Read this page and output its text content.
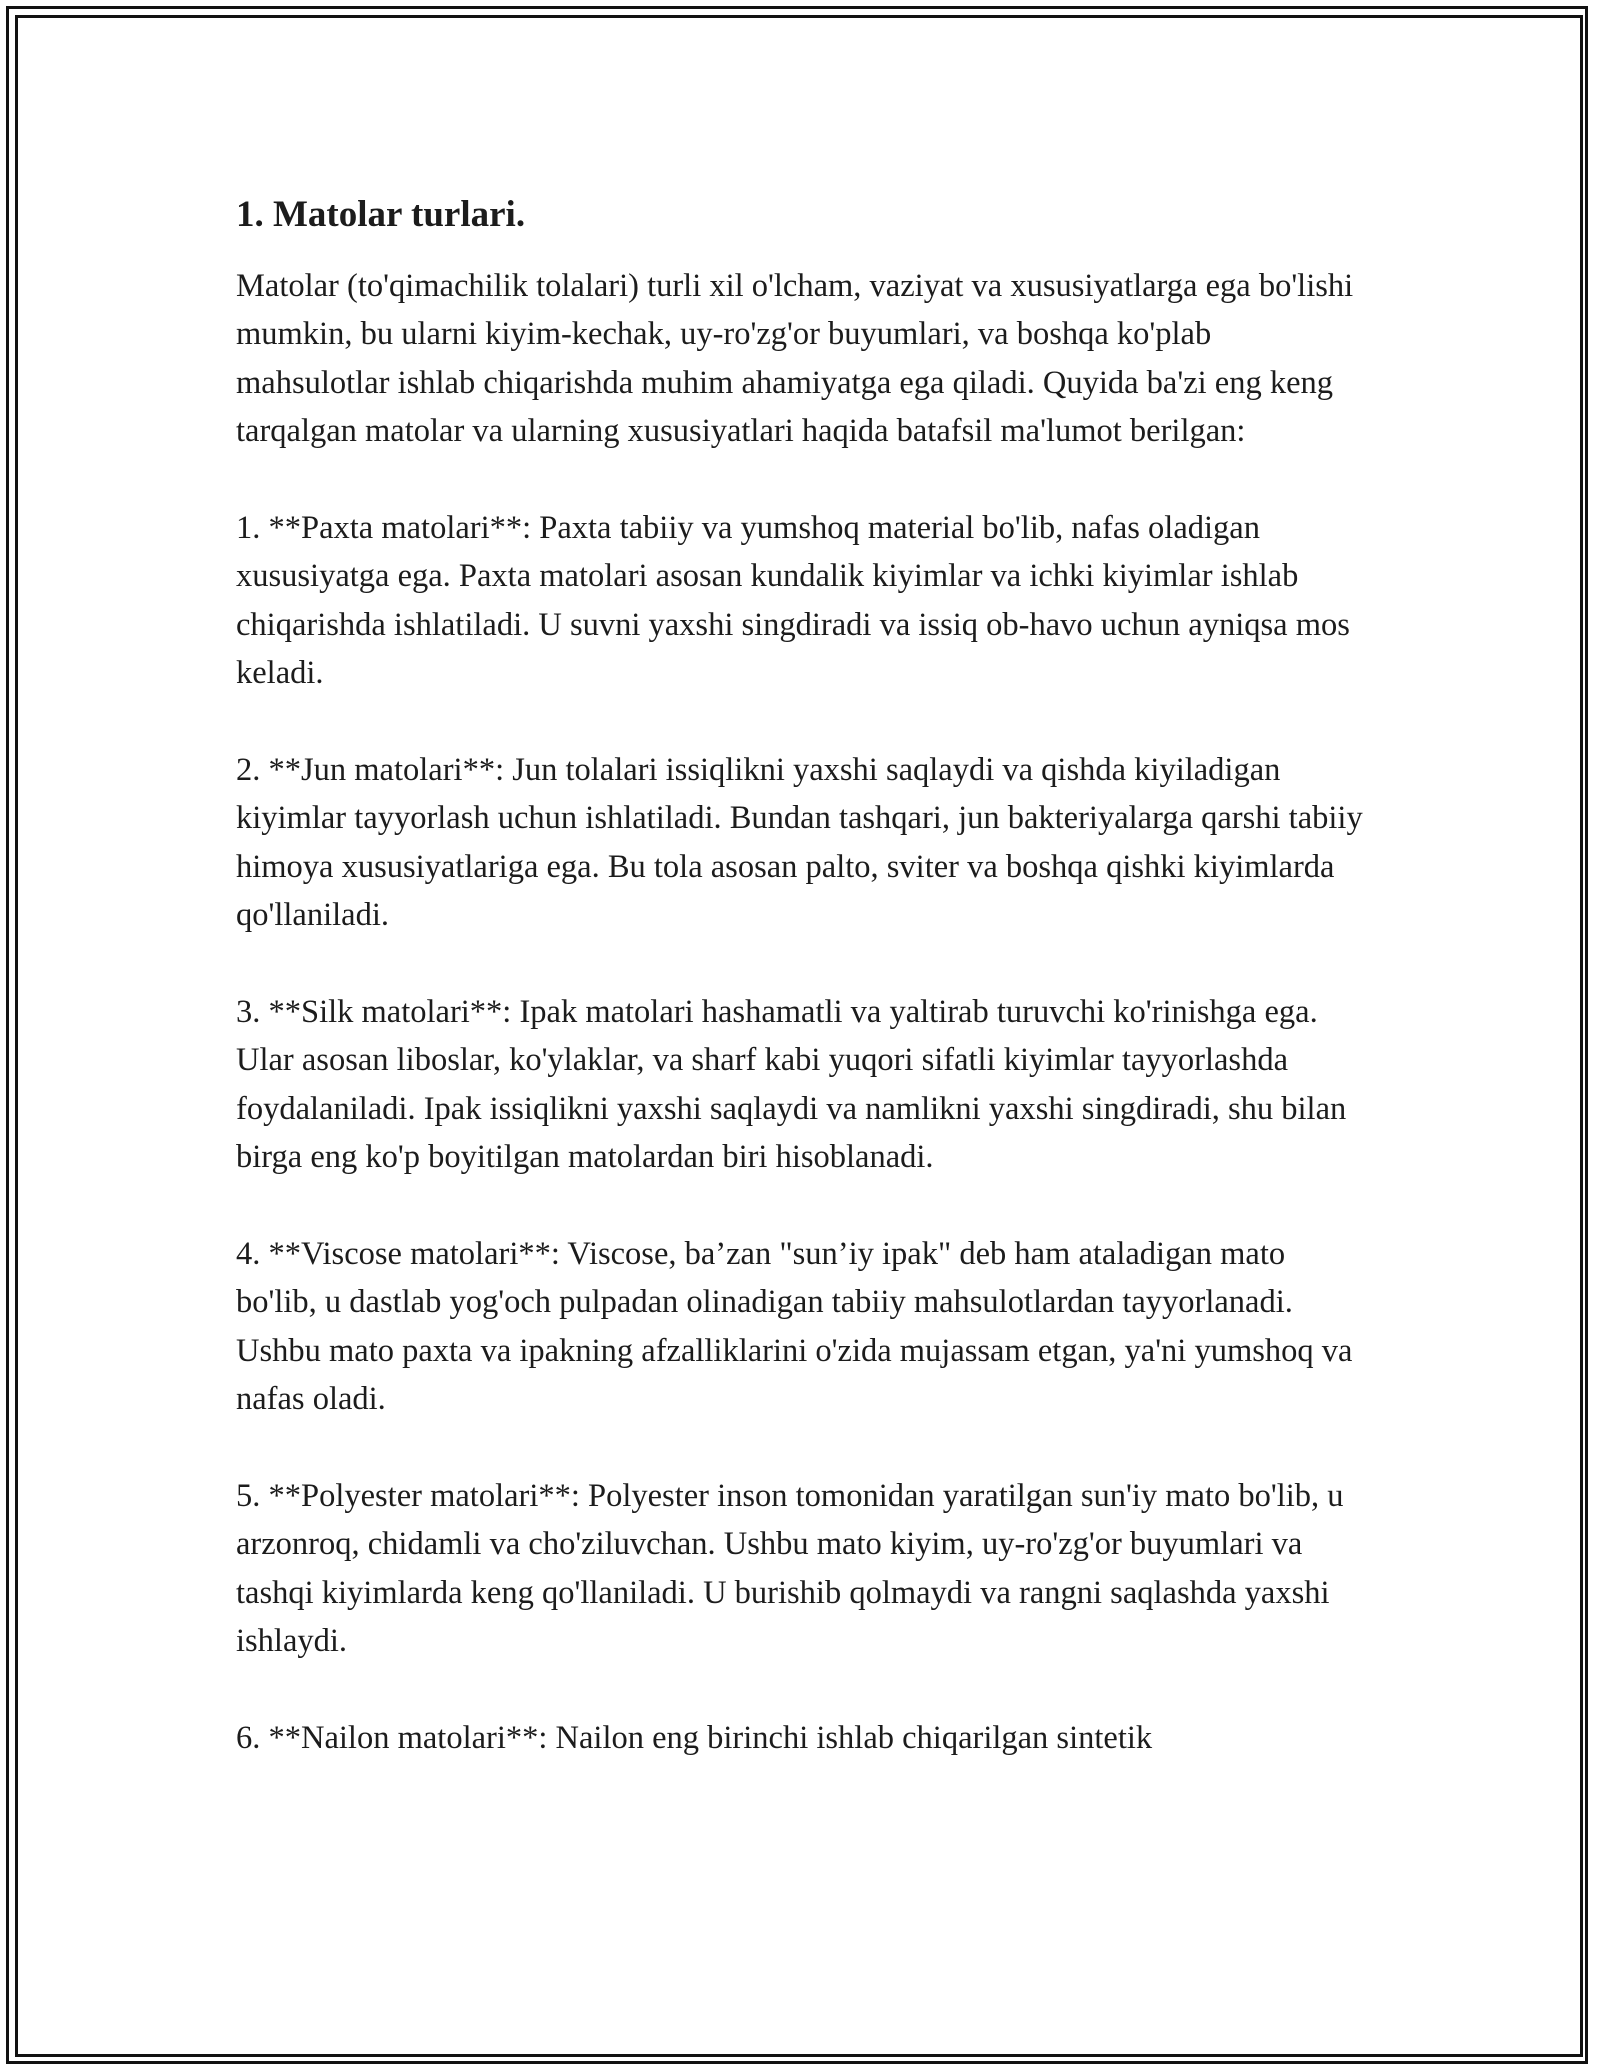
1. Matolar turlari.

Matolar (to'qimachilik tolalari) turli xil o'lcham, vaziyat va xususiyatlarga ega bo'lishi mumkin, bu ularni kiyim-kechak, uy-ro'zg'or buyumlari, va boshqa ko'plab mahsulotlar ishlab chiqarishda muhim ahamiyatga ega qiladi. Quyida ba'zi eng keng tarqalgan matolar va ularning xususiyatlari haqida batafsil ma'lumot berilgan:

1. **Paxta matolari**: Paxta tabiiy va yumshoq material bo'lib, nafas oladigan xususiyatga ega. Paxta matolari asosan kundalik kiyimlar va ichki kiyimlar ishlab chiqarishda ishlatiladi. U suvni yaxshi singdiradi va issiq ob-havo uchun ayniqsa mos keladi.

2. **Jun matolari**: Jun tolalari issiqlikni yaxshi saqlaydi va qishda kiyiladigan kiyimlar tayyorlash uchun ishlatiladi. Bundan tashqari, jun bakteriyalarga qarshi tabiiy himoya xususiyatlariga ega. Bu tola asosan palto, sviter va boshqa qishki kiyimlarda qo'llaniladi.

3. **Silk matolari**: Ipak matolari hashamatli va yaltirab turuvchi ko'rinishga ega. Ular asosan liboslar, ko'ylaklar, va sharf kabi yuqori sifatli kiyimlar tayyorlashda foydalaniladi. Ipak issiqlikni yaxshi saqlaydi va namlikni yaxshi singdiradi, shu bilan birga eng ko'p boyitilgan matolardan biri hisoblanadi.

4. **Viscose matolari**: Viscose, ba’zan "sun’iy ipak" deb ham ataladigan mato bo'lib, u dastlab yog'och pulpadan olinadigan tabiiy mahsulotlardan tayyorlanadi. Ushbu mato paxta va ipakning afzalliklarini o'zida mujassam etgan, ya'ni yumshoq va nafas oladi.

5. **Polyester matolari**: Polyester inson tomonidan yaratilgan sun'iy mato bo'lib, u arzonroq, chidamli va cho'ziluvchan. Ushbu mato kiyim, uy-ro'zg'or buyumlari va tashqi kiyimlarda keng qo'llaniladi. U burishib qolmaydi va rangni saqlashda yaxshi ishlaydi.

6. **Nailon matolari**: Nailon eng birinchi ishlab chiqarilgan sintetik
